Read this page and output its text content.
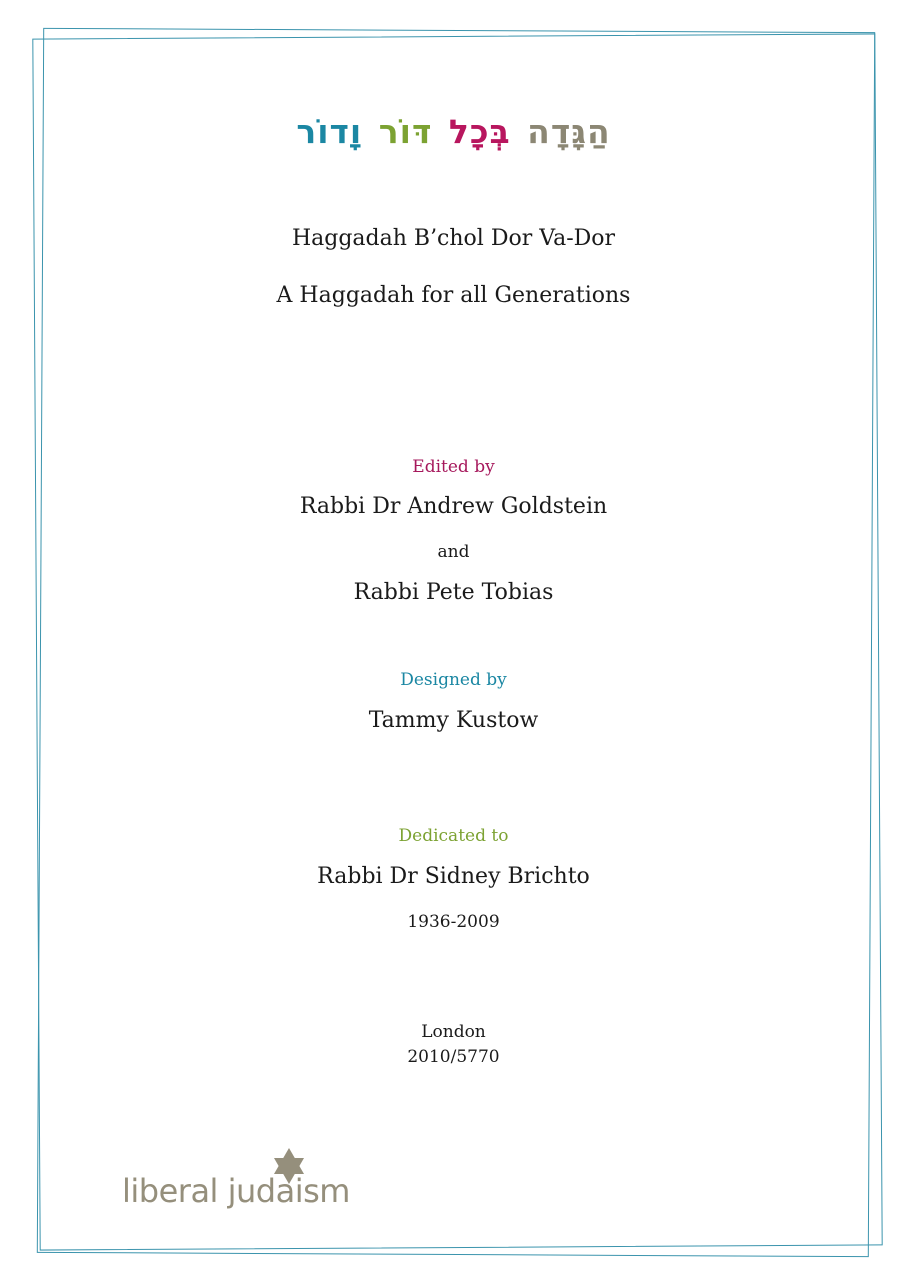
הַגָּדָה בְּכָל דּוֹר וָדוֹר
Haggadah B’chol Dor Va-Dor
A Haggadah for all Generations
Edited by
Rabbi Dr Andrew Goldstein
and
Rabbi Pete Tobias
Designed by
Tammy Kustow
Dedicated to
Rabbi Dr Sidney Brichto
1936-2009
London
2010/5770
liberal judaism
